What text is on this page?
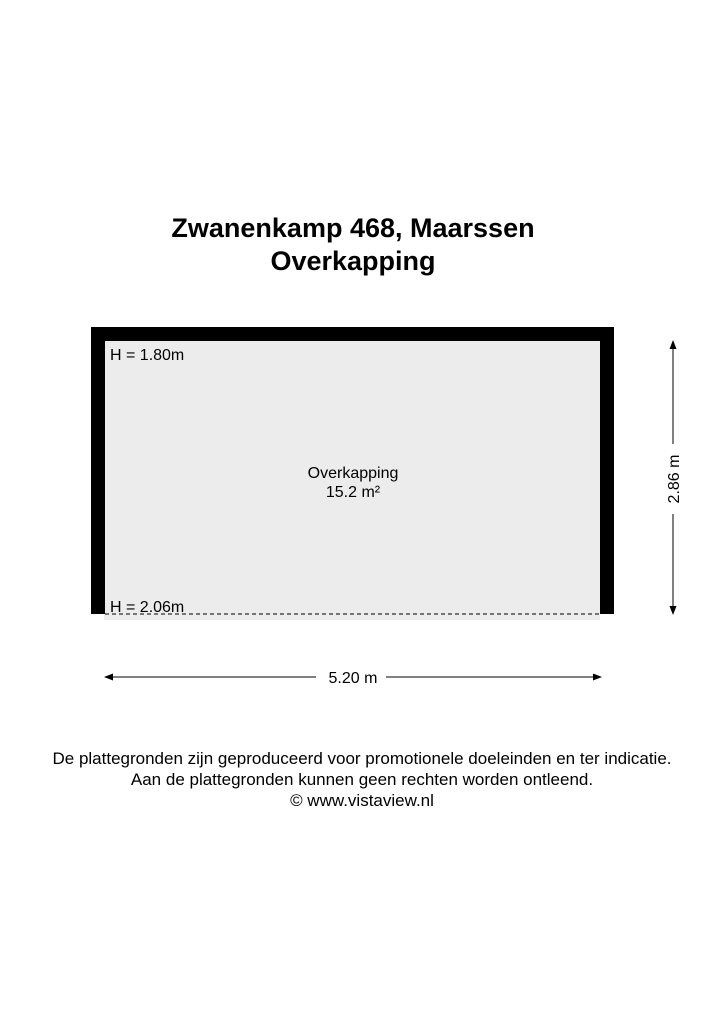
Zwanenkamp 468, Maarssen
Overkapping
H = 1.80m
H = 2.06m
Overkapping
15.2 m²
5.20 m
2.86 m
De plattegronden zijn geproduceerd voor promotionele doeleinden en ter indicatie.
Aan de plattegronden kunnen geen rechten worden ontleend.
© www.vistaview.nl
